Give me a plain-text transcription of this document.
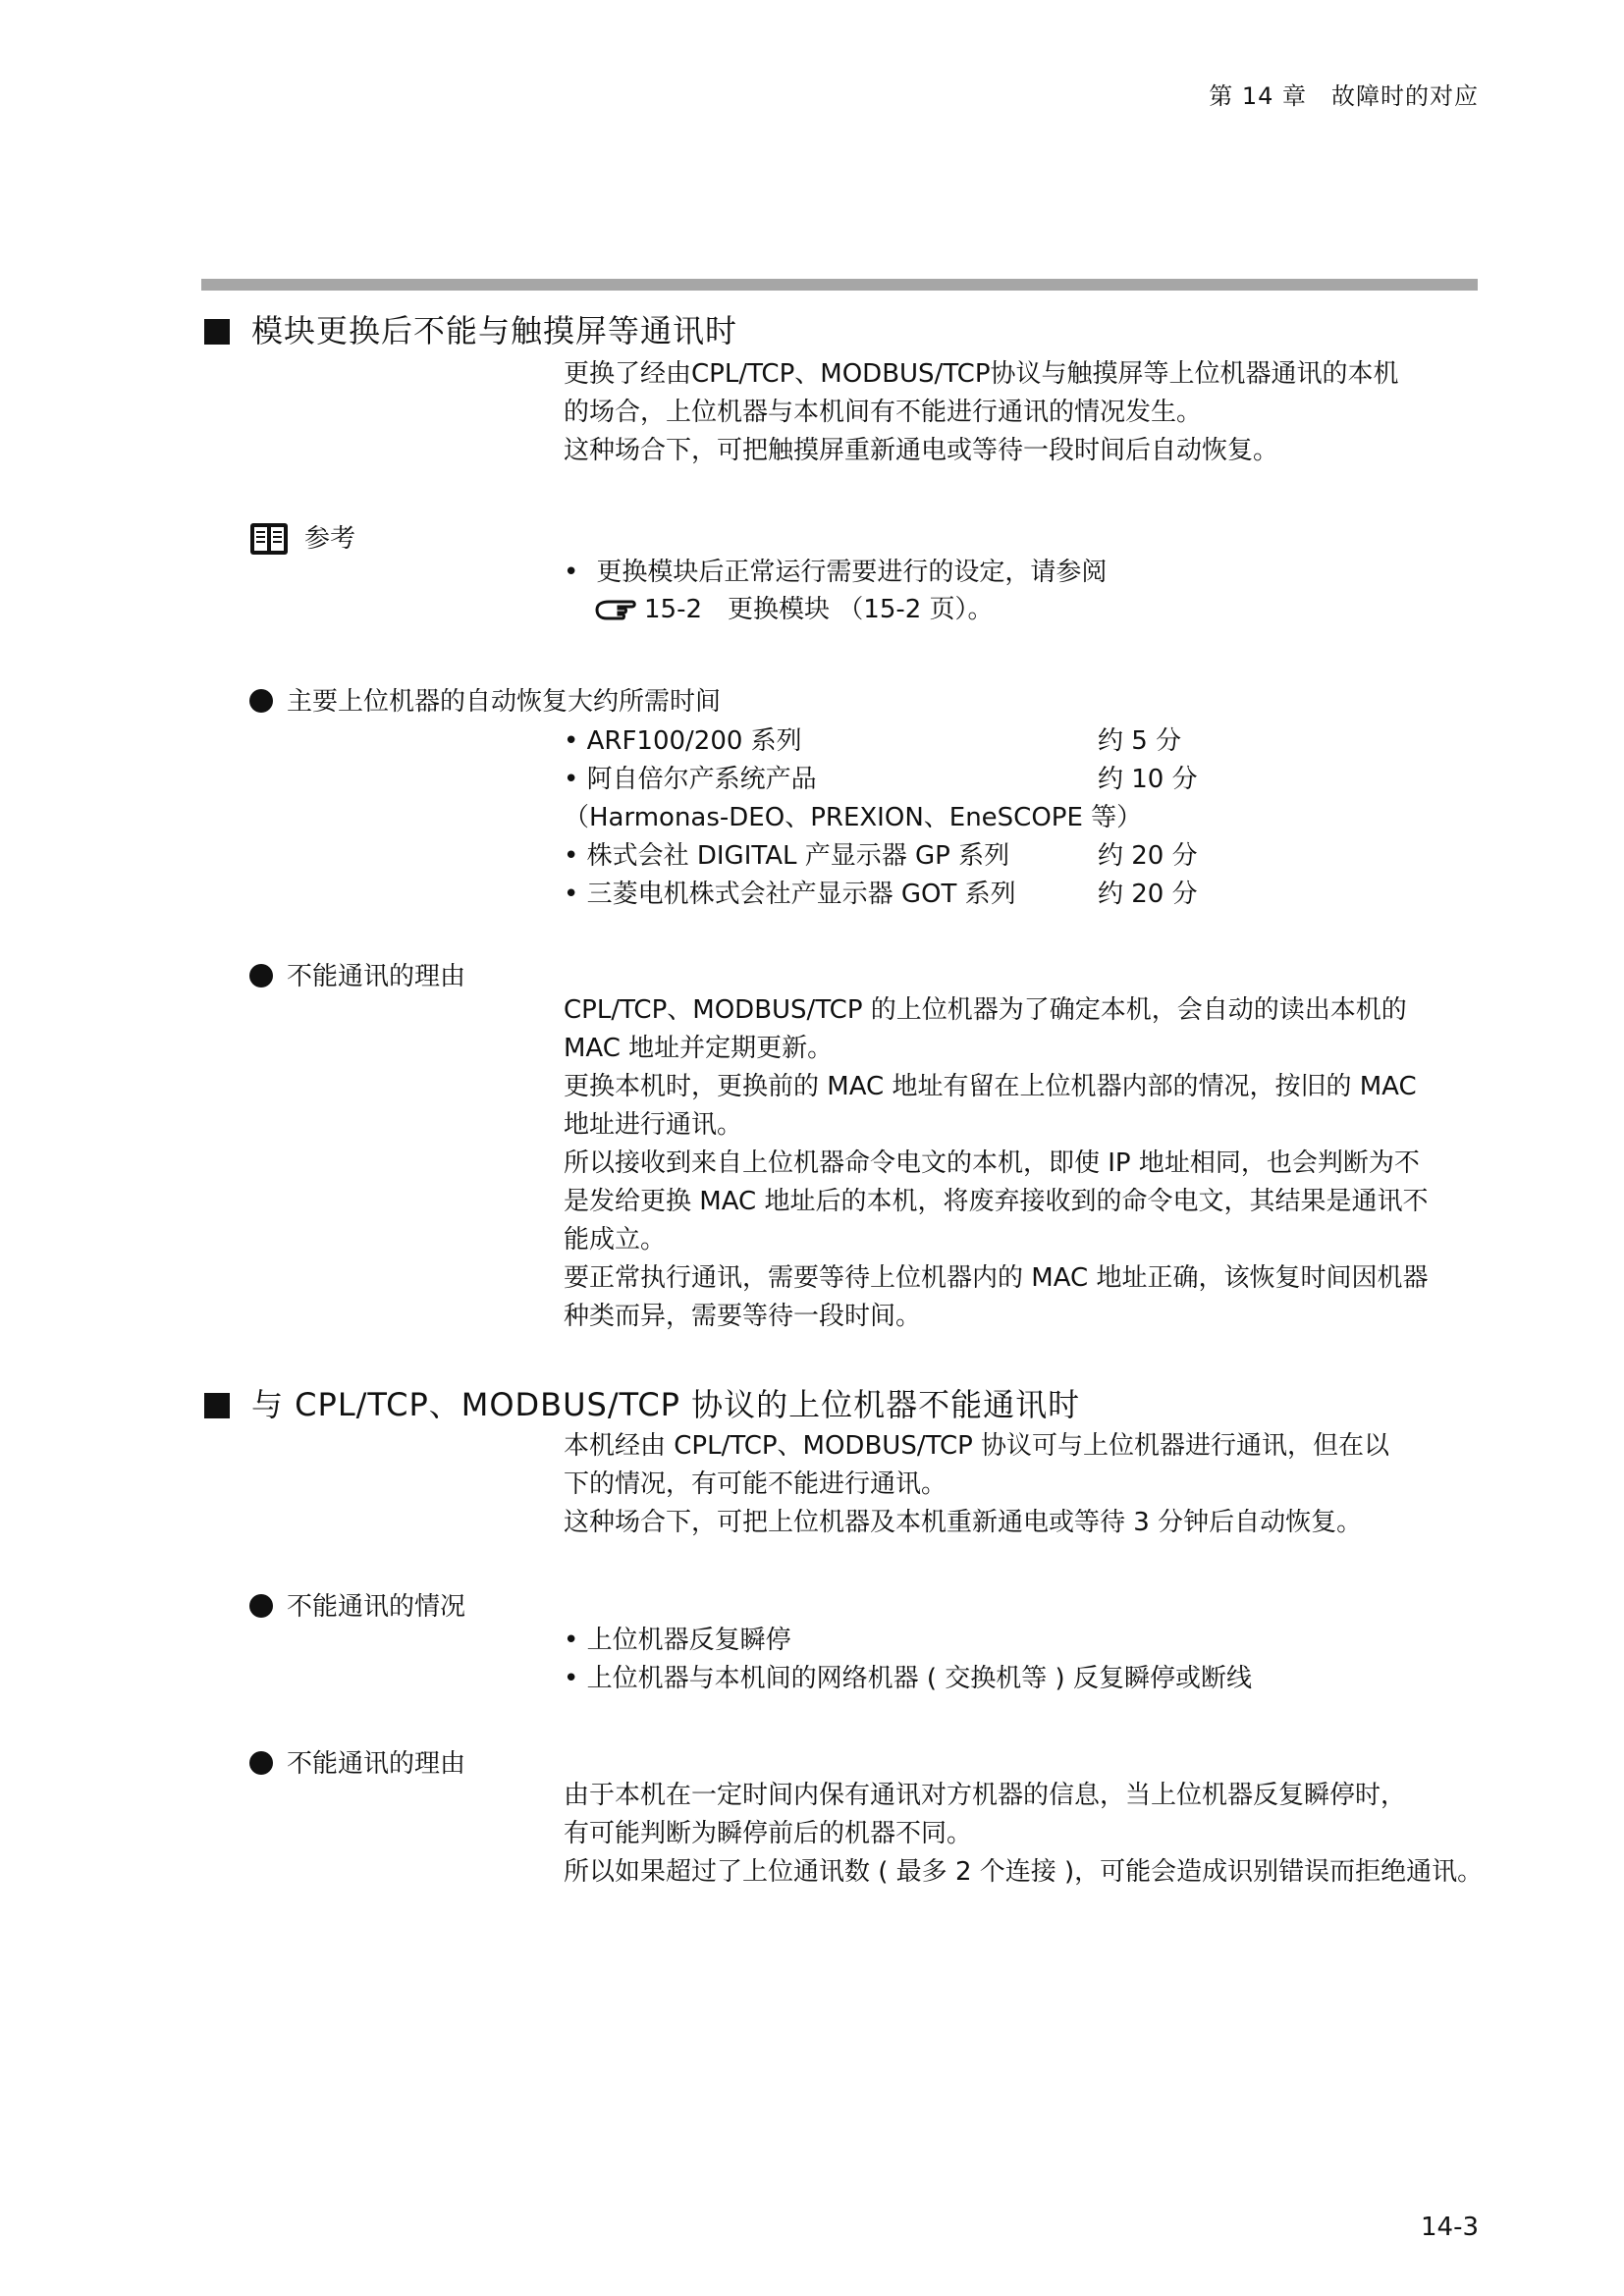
第 14 章　故障时的对应
模块更换后不能与触摸屏等通讯时
更换了经由CPL/TCP、MODBUS/TCP协议与触摸屏等上位机器通讯的本机
的场合，上位机器与本机间有不能进行通讯的情况发生。
这种场合下，可把触摸屏重新通电或等待一段时间后自动恢复。
参考
• 更换模块后正常运行需要进行的设定，请参阅
15-2　更换模块 （15-2 页）。
主要上位机器的自动恢复大约所需时间
• ARF100/200 系列	约 5 分
• 阿自倍尔产系统产品	约 10 分
（Harmonas-DEO、PREXION、EneSCOPE 等）
• 株式会社 DIGITAL 产显示器 GP 系列	约 20 分
• 三菱电机株式会社产显示器 GOT 系列	约 20 分
不能通讯的理由
CPL/TCP、MODBUS/TCP 的上位机器为了确定本机，会自动的读出本机的
MAC 地址并定期更新。
更换本机时，更换前的 MAC 地址有留在上位机器内部的情况，按旧的 MAC
地址进行通讯。
所以接收到来自上位机器命令电文的本机，即使 IP 地址相同，也会判断为不
是发给更换 MAC 地址后的本机，将废弃接收到的命令电文，其结果是通讯不
能成立。
要正常执行通讯，需要等待上位机器内的 MAC 地址正确，该恢复时间因机器
种类而异，需要等待一段时间。
与 CPL/TCP、MODBUS/TCP 协议的上位机器不能通讯时
本机经由 CPL/TCP、MODBUS/TCP 协议可与上位机器进行通讯，但在以
下的情况，有可能不能进行通讯。
这种场合下，可把上位机器及本机重新通电或等待 3 分钟后自动恢复。
不能通讯的情况
• 上位机器反复瞬停
• 上位机器与本机间的网络机器 ( 交换机等 ) 反复瞬停或断线
不能通讯的理由
由于本机在一定时间内保有通讯对方机器的信息，当上位机器反复瞬停时，
有可能判断为瞬停前后的机器不同。
所以如果超过了上位通讯数 ( 最多 2 个连接 )，可能会造成识别错误而拒绝通讯。
14-3
